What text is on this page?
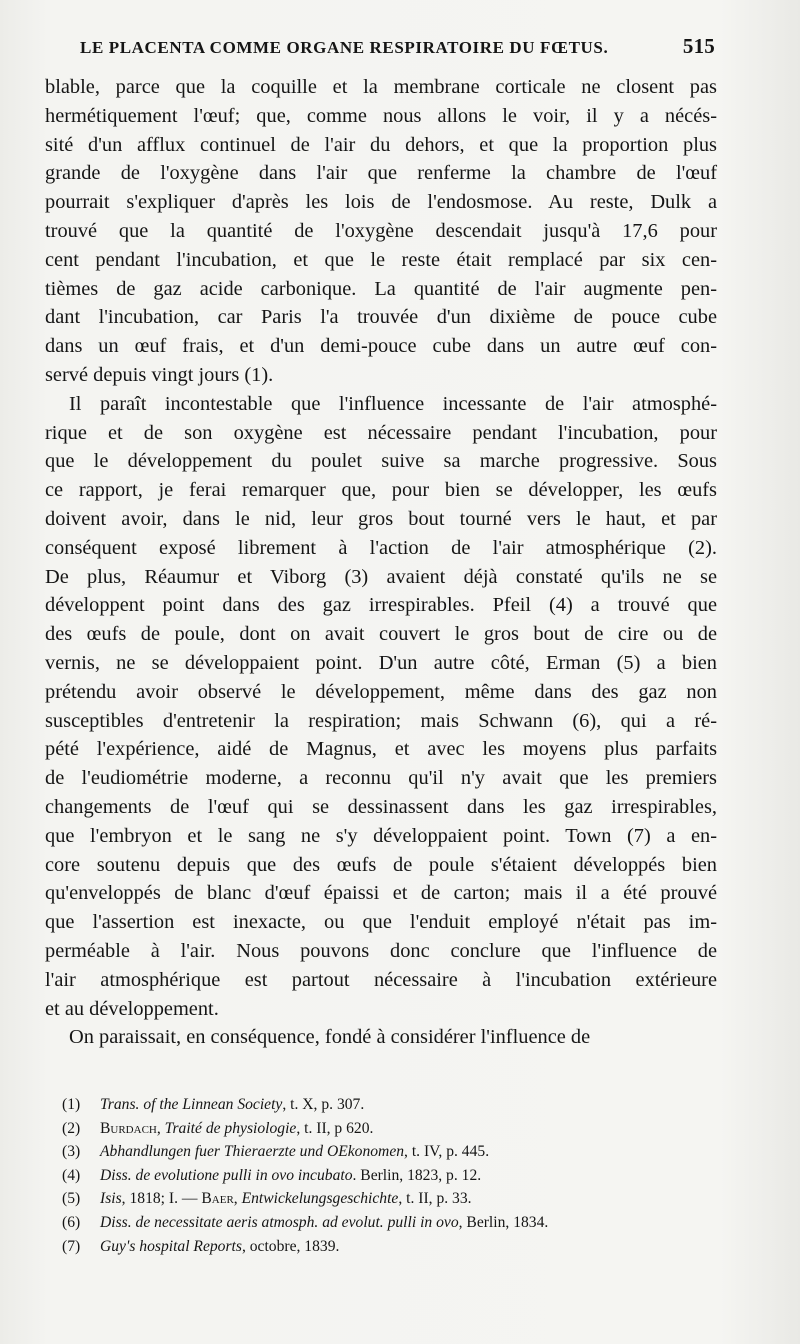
LE PLACENTA COMME ORGANE RESPIRATOIRE DU FŒTUS.	515
blable, parce que la coquille et la membrane corticale ne closent pas
hermétiquement l'œuf; que, comme nous allons le voir, il y a nécés-
sité d'un afflux continuel de l'air du dehors, et que la proportion plus
grande de l'oxygène dans l'air que renferme la chambre de l'œuf
pourrait s'expliquer d'après les lois de l'endosmose. Au reste, Dulk a
trouvé que la quantité de l'oxygène descendait jusqu'à 17,6 pour
cent pendant l'incubation, et que le reste était remplacé par six cen-
tièmes de gaz acide carbonique. La quantité de l'air augmente pen-
dant l'incubation, car Paris l'a trouvée d'un dixième de pouce cube
dans un œuf frais, et d'un demi-pouce cube dans un autre œuf con-
servé depuis vingt jours (1).
Il paraît incontestable que l'influence incessante de l'air atmosphé-
rique et de son oxygène est nécessaire pendant l'incubation, pour
que le développement du poulet suive sa marche progressive. Sous
ce rapport, je ferai remarquer que, pour bien se développer, les œufs
doivent avoir, dans le nid, leur gros bout tourné vers le haut, et par
conséquent exposé librement à l'action de l'air atmosphérique (2).
De plus, Réaumur et Viborg (3) avaient déjà constaté qu'ils ne se
développent point dans des gaz irrespirables. Pfeil (4) a trouvé que
des œufs de poule, dont on avait couvert le gros bout de cire ou de
vernis, ne se développaient point. D'un autre côté, Erman (5) a bien
prétendu avoir observé le développement, même dans des gaz non
susceptibles d'entretenir la respiration; mais Schwann (6), qui a ré-
pété l'expérience, aidé de Magnus, et avec les moyens plus parfaits
de l'eudiométrie moderne, a reconnu qu'il n'y avait que les premiers
changements de l'œuf qui se dessinassent dans les gaz irrespirables,
que l'embryon et le sang ne s'y développaient point. Town (7) a en-
core soutenu depuis que des œufs de poule s'étaient développés bien
qu'enveloppés de blanc d'œuf épaissi et de carton; mais il a été prouvé
que l'assertion est inexacte, ou que l'enduit employé n'était pas im-
perméable à l'air. Nous pouvons donc conclure que l'influence de
l'air atmosphérique est partout nécessaire à l'incubation extérieure
et au développement.
On paraissait, en conséquence, fondé à considérer l'influence de
(1) Trans. of the Linnean Society, t. X, p. 307.
(2) Burdach, Traité de physiologie, t. II, p 620.
(3) Abhandlungen fuer Thieraerzte und OEkonomen, t. IV, p. 445.
(4) Diss. de evolutione pulli in ovo incubato. Berlin, 1823, p. 12.
(5) Isis, 1818; I. — Baer, Entwickelungsgeschichte, t. II, p. 33.
(6) Diss. de necessitate aeris atmosph. ad evolut. pulli in ovo, Berlin, 1834.
(7) Guy's hospital Reports, octobre, 1839.
